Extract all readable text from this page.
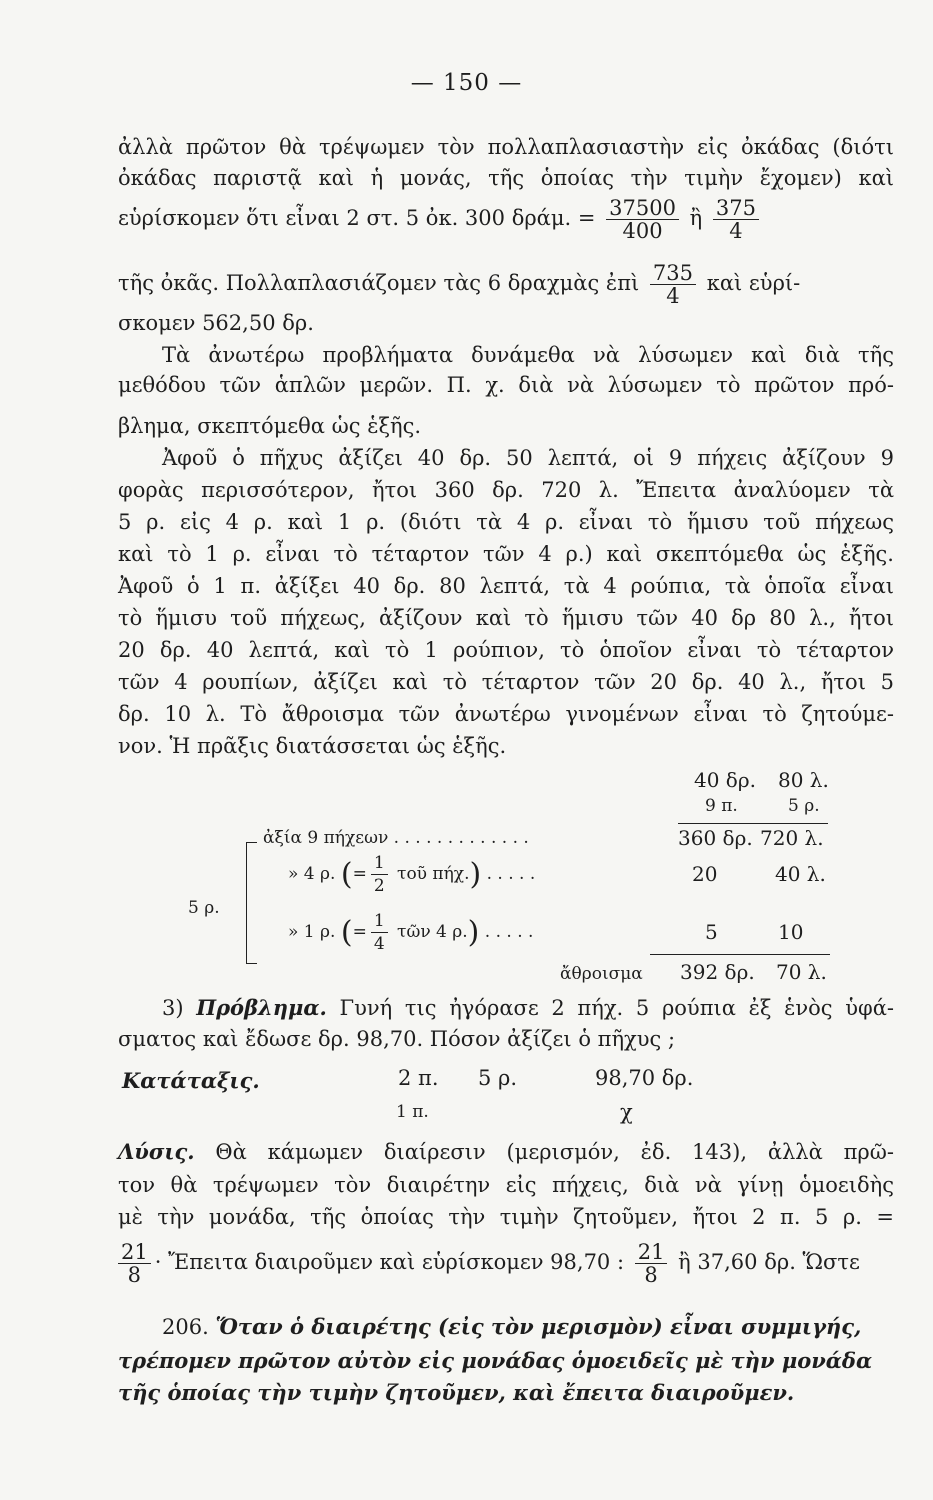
— 150 —
ἀλλὰ πρῶτον θὰ τρέψωμεν τὸν πολλαπλασιαστὴν εἰς ὀκάδας (διότι
ὀκάδας παριστᾷ καὶ ἡ μονάς, τῆς ὁποίας τὴν τιμὴν ἔχομεν) καὶ
εὑρίσκομεν ὅτι εἶναι 2 στ. 5 ὀκ. 300 δράμ. = $\frac{37500}{400}$ ἢ $\frac{375}{4}$
τῆς ὀκᾶς. Πολλαπλασιάζομεν τὰς 6 δραχμὰς ἐπὶ $\frac{735}{4}$ καὶ εὑρί-
σκομεν 562,50 δρ.
Τὰ ἀνωτέρω προβλήματα δυνάμεθα νὰ λύσωμεν καὶ διὰ τῆς
μεθόδου τῶν ἁπλῶν μερῶν. Π. χ. διὰ νὰ λύσωμεν τὸ πρῶτον πρό-
βλημα, σκεπτόμεθα ὡς ἑξῆς.
Ἀφοῦ ὁ πῆχυς ἀξίζει 40 δρ. 50 λεπτά, οἱ 9 πήχεις ἀξίζουν 9
φορὰς περισσότερον, ἤτοι 360 δρ. 720 λ. Ἔπειτα ἀναλύομεν τὰ
5 ρ. εἰς 4 ρ. καὶ 1 ρ. (διότι τὰ 4 ρ. εἶναι τὸ ἥμισυ τοῦ πήχεως
καὶ τὸ 1 ρ. εἶναι τὸ τέταρτον τῶν 4 ρ.) καὶ σκεπτόμεθα ὡς ἑξῆς.
Ἀφοῦ ὁ 1 π. ἀξίξει 40 δρ. 80 λεπτά, τὰ 4 ρούπια, τὰ ὁποῖα εἶναι
τὸ ἥμισυ τοῦ πήχεως, ἀξίζουν καὶ τὸ ἥμισυ τῶν 40 δρ 80 λ., ἤτοι
20 δρ. 40 λεπτά, καὶ τὸ 1 ρούπιον, τὸ ὁποῖον εἶναι τὸ τέταρτον
τῶν 4 ρουπίων, ἀξίζει καὶ τὸ τέταρτον τῶν 20 δρ. 40 λ., ἤτοι 5
δρ. 10 λ. Τὸ ἄθροισμα τῶν ἀνωτέρω γινομένων εἶναι τὸ ζητούμε-
νον. Ἡ πρᾶξις διατάσσεται ὡς ἑξῆς.
40 δρ. 80 λ.
9 π.	5 ρ.
ἀξία 9 πήχεων . . . . . . . . . . . . .	360 δρ. 720 λ.
5 ρ.
» 4 ρ. (= $\frac{1}{2}$ τοῦ πήχ.) . . . . .	20	40 λ.
» 1 ρ. (= $\frac{1}{4}$ τῶν 4 ρ.) . . . . .	5	10
ἄθροισμα 392 δρ. 70 λ.
3) Πρόβλημα. Γυνή τις ἠγόρασε 2 πήχ. 5 ρούπια ἐξ ἑνὸς ὑφά-
σματος καὶ ἔδωσε δρ. 98,70. Πόσον ἀξίζει ὁ πῆχυς ;
Κατάταξις.	2 π. 5 ρ.	98,70 δρ.
1 π.	χ
Λύσις. Θὰ κάμωμεν διαίρεσιν (μερισμόν, ἐδ. 143), ἀλλὰ πρῶ-
τον θὰ τρέψωμεν τὸν διαιρέτην εἰς πήχεις, διὰ νὰ γίνῃ ὁμοειδὴς
μὲ τὴν μονάδα, τῆς ὁποίας τὴν τιμὴν ζητοῦμεν, ἤτοι 2 π. 5 ρ. =
$\frac{21}{8}$ · Ἔπειτα διαιροῦμεν καὶ εὑρίσκομεν 98,70 : $\frac{21}{8}$ ἢ 37,60 δρ. Ὥστε
206. Ὅταν ὁ διαιρέτης (εἰς τὸν μερισμὸν) εἶναι συμμιγής,
τρέπομεν πρῶτον αὐτὸν εἰς μονάδας ὁμοειδεῖς μὲ τὴν μονάδα
τῆς ὁποίας τὴν τιμὴν ζητοῦμεν, καὶ ἔπειτα διαιροῦμεν.
